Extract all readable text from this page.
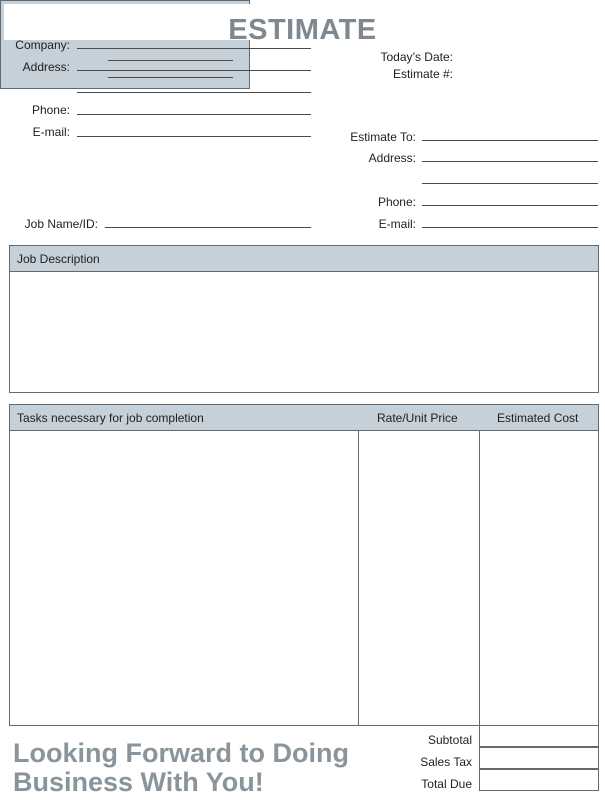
ESTIMATE
Today’s Date:
Estimate #:
Company:
Address:
Phone:
E-mail:
Job Name/ID:
Estimate To:
Address:
Phone:
E-mail:
Job Description
Tasks necessary for job completion	Rate/Unit Price	Estimated Cost
Subtotal
Sales Tax
Total Due
Looking Forward to Doing
Business With You!
